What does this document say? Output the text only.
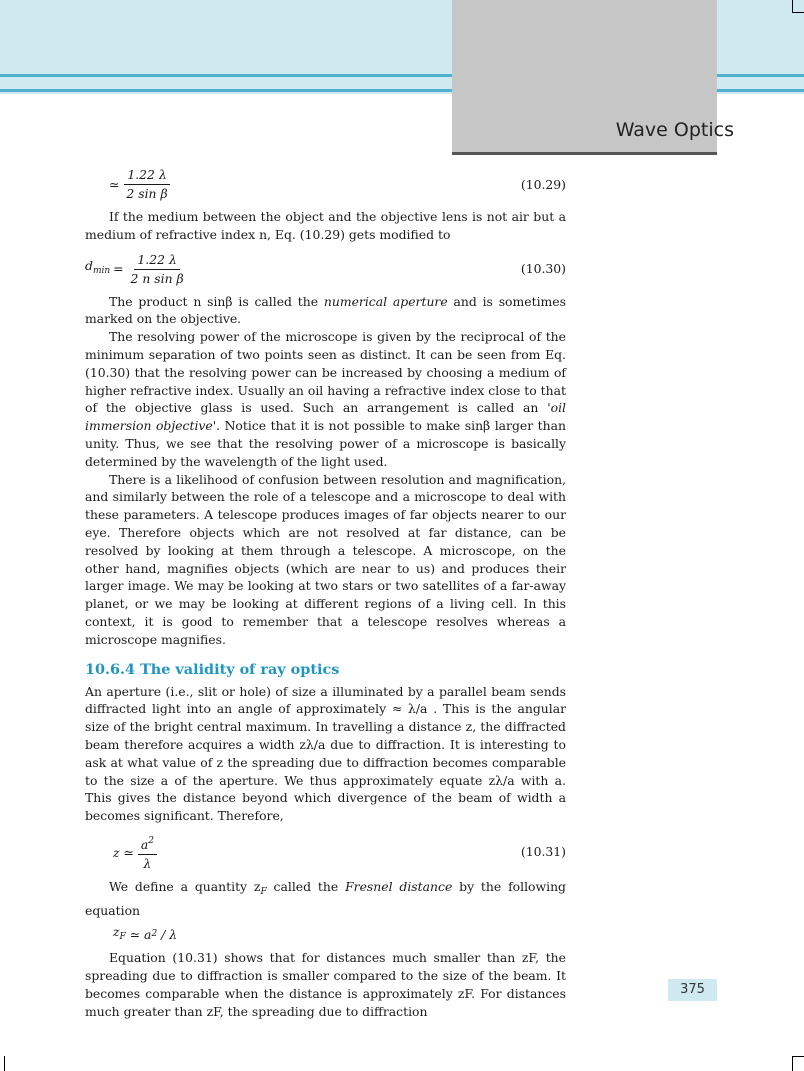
Wave Optics
≃ $\frac{1.22 \lambda}{\text{2 sin β}}$	(10.29)

If the medium between the object and the objective lens is not air but a medium of refractive index n, Eq. (10.29) gets modified to

$d_{min} = \frac{1.22 \lambda}{\text{2 n sin β}}$	(10.30)

The product n sinβ is called the numerical aperture and is sometimes marked on the objective.

The resolving power of the microscope is given by the reciprocal of the minimum separation of two points seen as distinct. It can be seen from Eq. (10.30) that the resolving power can be increased by choosing a medium of higher refractive index. Usually an oil having a refractive index close to that of the objective glass is used. Such an arrangement is called an 'oil immersion objective'. Notice that it is not possible to make sinβ larger than unity. Thus, we see that the resolving power of a microscope is basically determined by the wavelength of the light used.

There is a likelihood of confusion between resolution and magnification, and similarly between the role of a telescope and a microscope to deal with these parameters. A telescope produces images of far objects nearer to our eye. Therefore objects which are not resolved at far distance, can be resolved by looking at them through a telescope. A microscope, on the other hand, magnifies objects (which are near to us) and produces their larger image. We may be looking at two stars or two satellites of a far-away planet, or we may be looking at different regions of a living cell. In this context, it is good to remember that a telescope resolves whereas a microscope magnifies.

10.6.4 The validity of ray optics

An aperture (i.e., slit or hole) of size a illuminated by a parallel beam sends diffracted light into an angle of approximately ≈ λ/a . This is the angular size of the bright central maximum. In travelling a distance z, the diffracted beam therefore acquires a width zλ/a due to diffraction. It is interesting to ask at what value of z the spreading due to diffraction becomes comparable to the size a of the aperture. We thus approximately equate zλ/a with a. This gives the distance beyond which divergence of the beam of width a becomes significant. Therefore,

z ≃ $\frac{a^2}{\lambda}$	(10.31)

We define a quantity $z_F$ called the Fresnel distance by the following equation

$z_F$ ≃ a 2 / λ

Equation (10.31) shows that for distances much smaller than zF, the spreading due to diffraction is smaller compared to the size of the beam. It becomes comparable when the distance is approximately zF. For distances much greater than zF, the spreading due to diffraction

375
